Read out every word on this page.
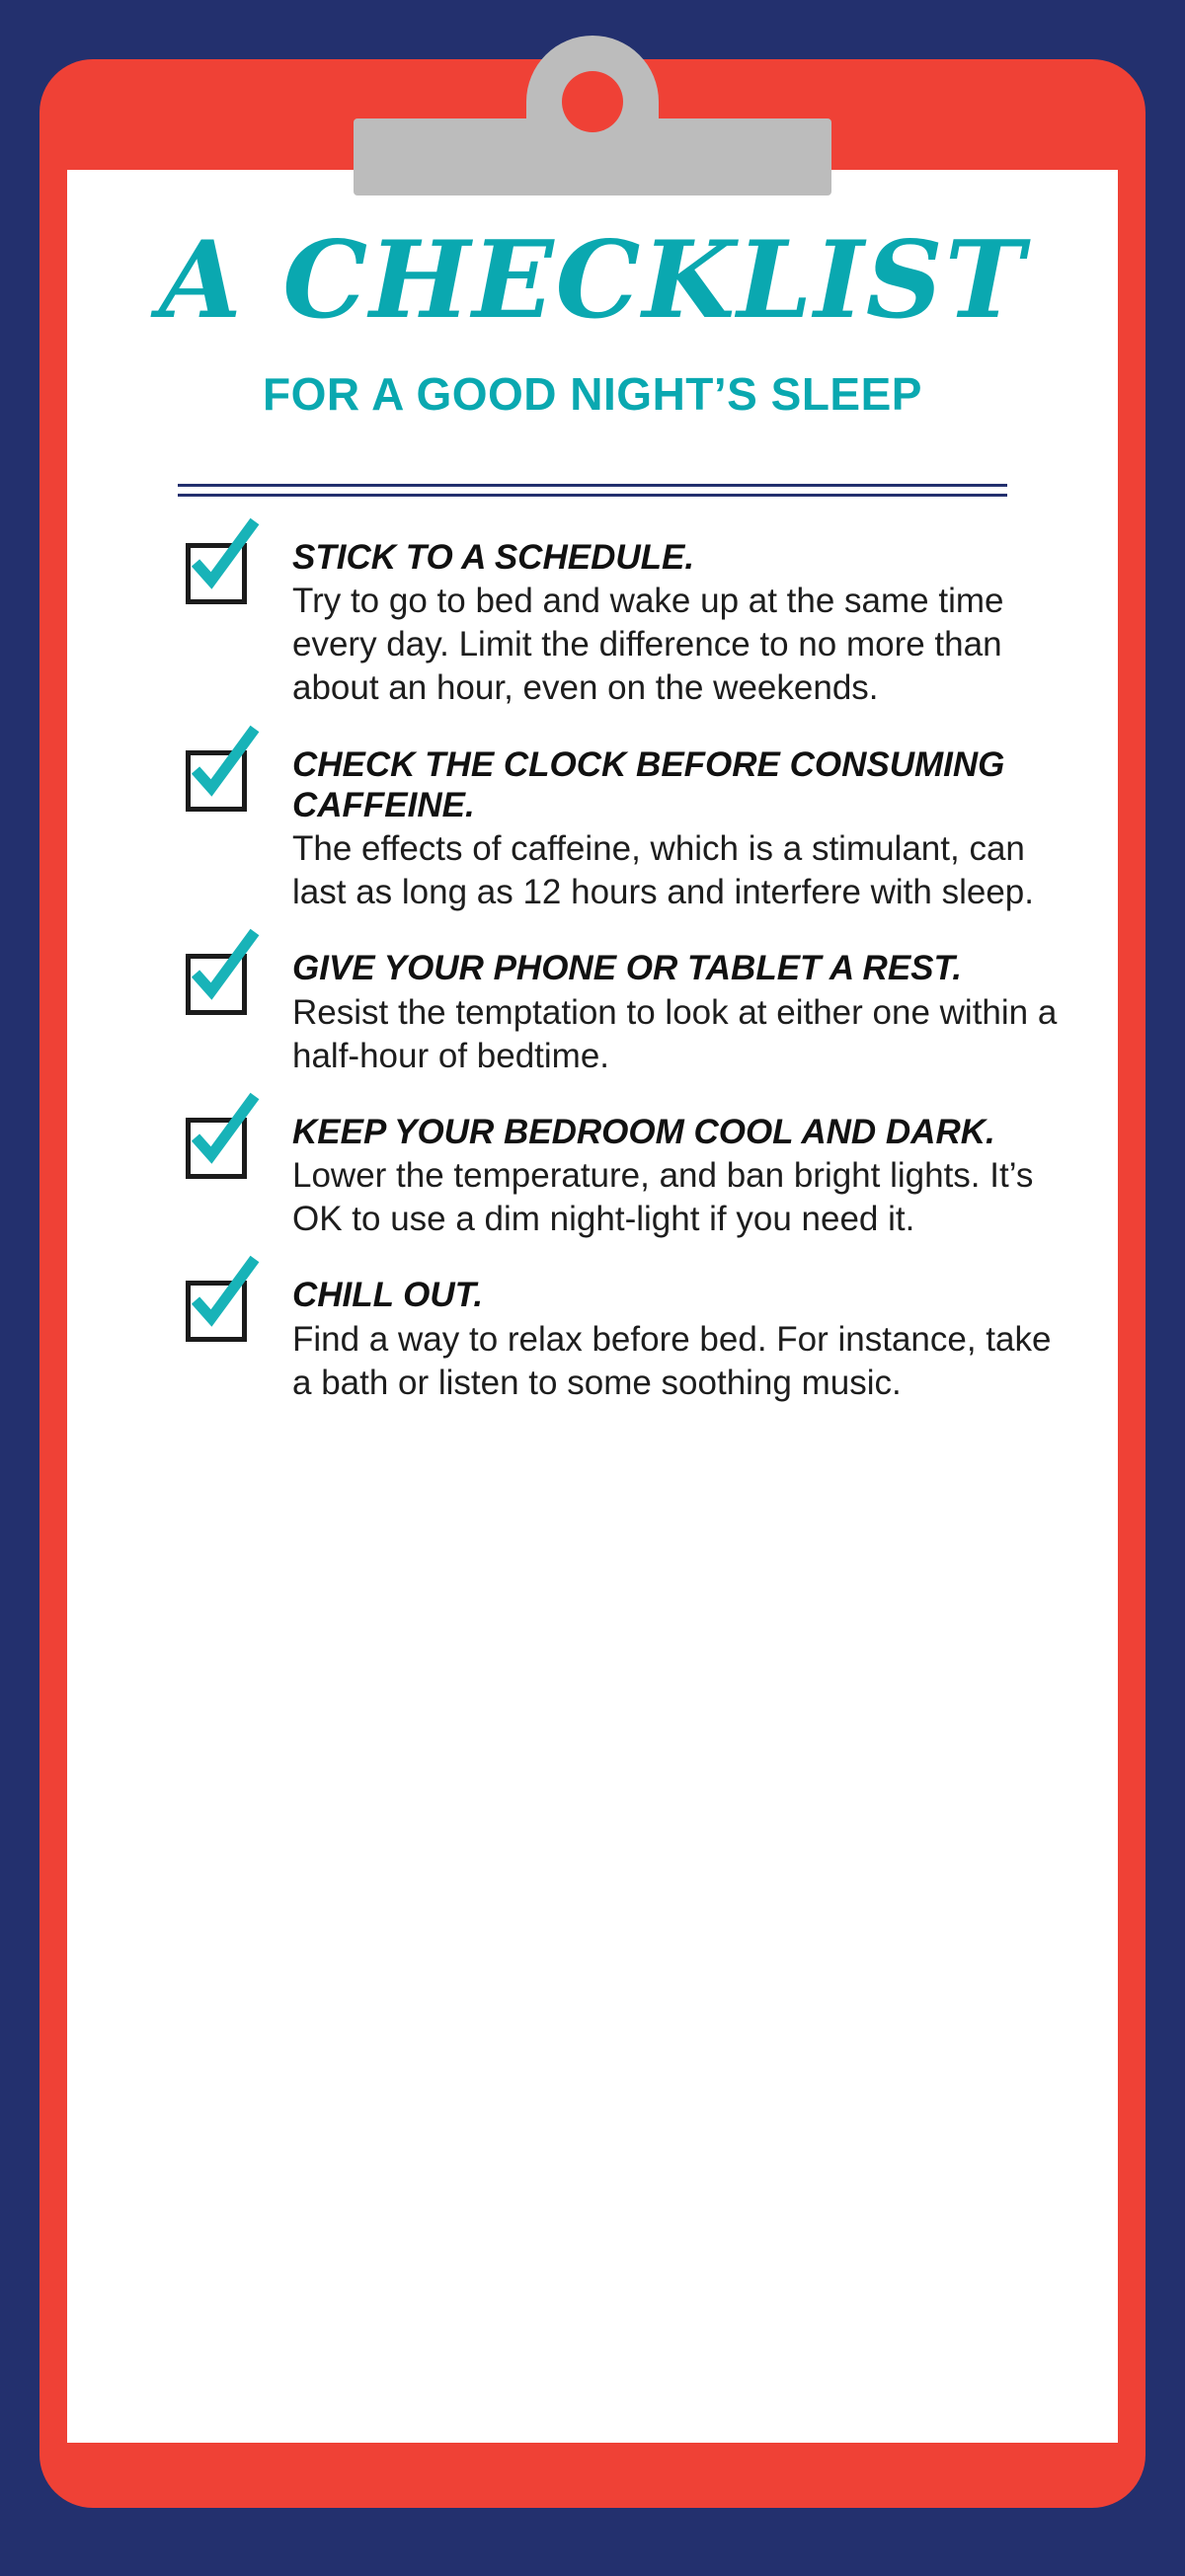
A CHECKLIST
FOR A GOOD NIGHT’S SLEEP

STICK TO A SCHEDULE.

Try to go to bed and wake up at the same time every day. Limit the difference to no more than about an hour, even on the weekends.

CHECK THE CLOCK BEFORE CONSUMING CAFFEINE.

The effects of caffeine, which is a stimulant, can last as long as 12 hours and interfere with sleep.

GIVE YOUR PHONE OR TABLET A REST.

Resist the temptation to look at either one within a half-hour of bedtime.

KEEP YOUR BEDROOM COOL AND DARK.

Lower the temperature, and ban bright lights. It’s OK to use a dim night-light if you need it.

CHILL OUT.

Find a way to relax before bed. For instance, take a bath or listen to some soothing music.
